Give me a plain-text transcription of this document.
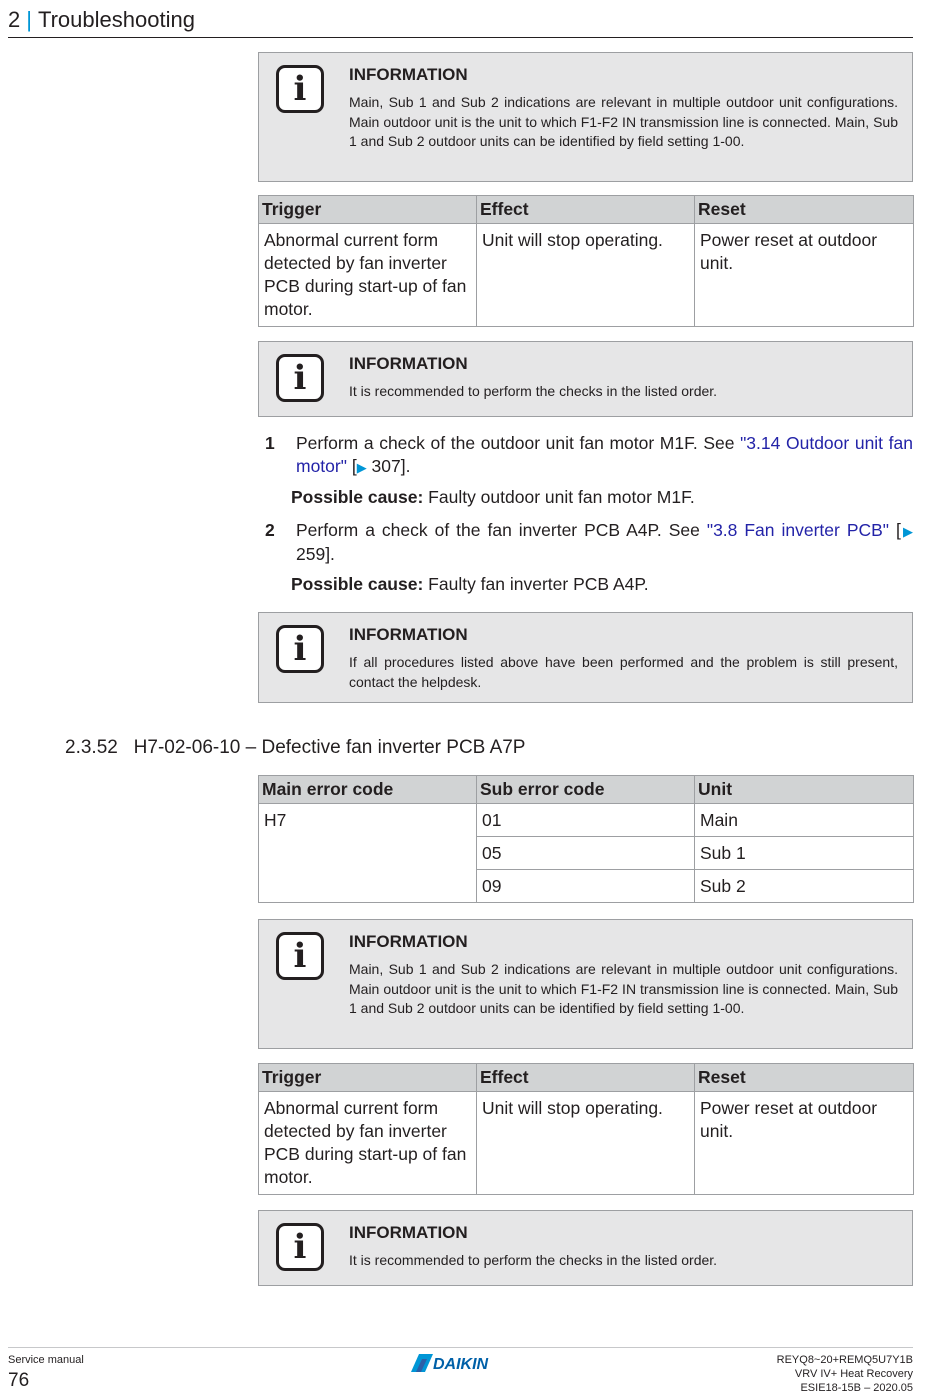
2 | Troubleshooting
i	INFORMATION
Main, Sub 1 and Sub 2 indications are relevant in multiple outdoor unit configurations. Main outdoor unit is the unit to which F1-F2 IN transmission line is connected. Main, Sub 1 and Sub 2 outdoor units can be identified by field setting 1-00.
Trigger	Effect	Reset
Abnormal current form detected by fan inverter PCB during start-up of fan motor.	Unit will stop operating.	Power reset at outdoor unit.
i	INFORMATION
It is recommended to perform the checks in the listed order.
1 Perform a check of the outdoor unit fan motor M1F. See "3.14 Outdoor unit fan motor" [▶ 307].
Possible cause: Faulty outdoor unit fan motor M1F.
2 Perform a check of the fan inverter PCB A4P. See "3.8 Fan inverter PCB" [▶ 259].
Possible cause: Faulty fan inverter PCB A4P.
i	INFORMATION
If all procedures listed above have been performed and the problem is still present, contact the helpdesk.
2.3.52 H7-02-06-10 – Defective fan inverter PCB A7P
Main error code	Sub error code	Unit
H7	01	Main
	05	Sub 1
	09	Sub 2
i	INFORMATION
Main, Sub 1 and Sub 2 indications are relevant in multiple outdoor unit configurations. Main outdoor unit is the unit to which F1-F2 IN transmission line is connected. Main, Sub 1 and Sub 2 outdoor units can be identified by field setting 1-00.
Trigger	Effect	Reset
Abnormal current form detected by fan inverter PCB during start-up of fan motor.	Unit will stop operating.	Power reset at outdoor unit.
i	INFORMATION
It is recommended to perform the checks in the listed order.
Service manual
76
DAIKIN	REYQ8~20+REMQ5U7Y1B
VRV IV+ Heat Recovery
ESIE18-15B – 2020.05
